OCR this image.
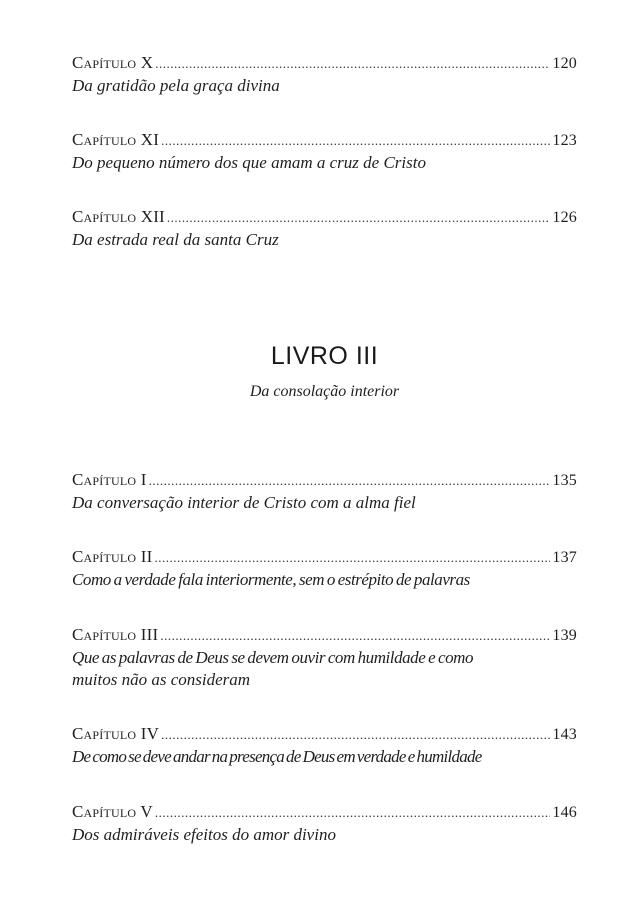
Capítulo X .....	120
Da gratidão pela graça divina
Capítulo XI .....	123
Do pequeno número dos que amam a cruz de Cristo
Capítulo XII .....	126
Da estrada real da santa Cruz
LIVRO III
Da consolação interior
Capítulo I .....	135
Da conversação interior de Cristo com a alma fiel
Capítulo II .....	137
Como a verdade fala interiormente, sem o estrépito de palavras
Capítulo III .....	139
Que as palavras de Deus se devem ouvir com humildade e como
muitos não as consideram
Capítulo IV .....	143
De como se deve andar na presença de Deus em verdade e humildade
Capítulo V .....	146
Dos admiráveis efeitos do amor divino
